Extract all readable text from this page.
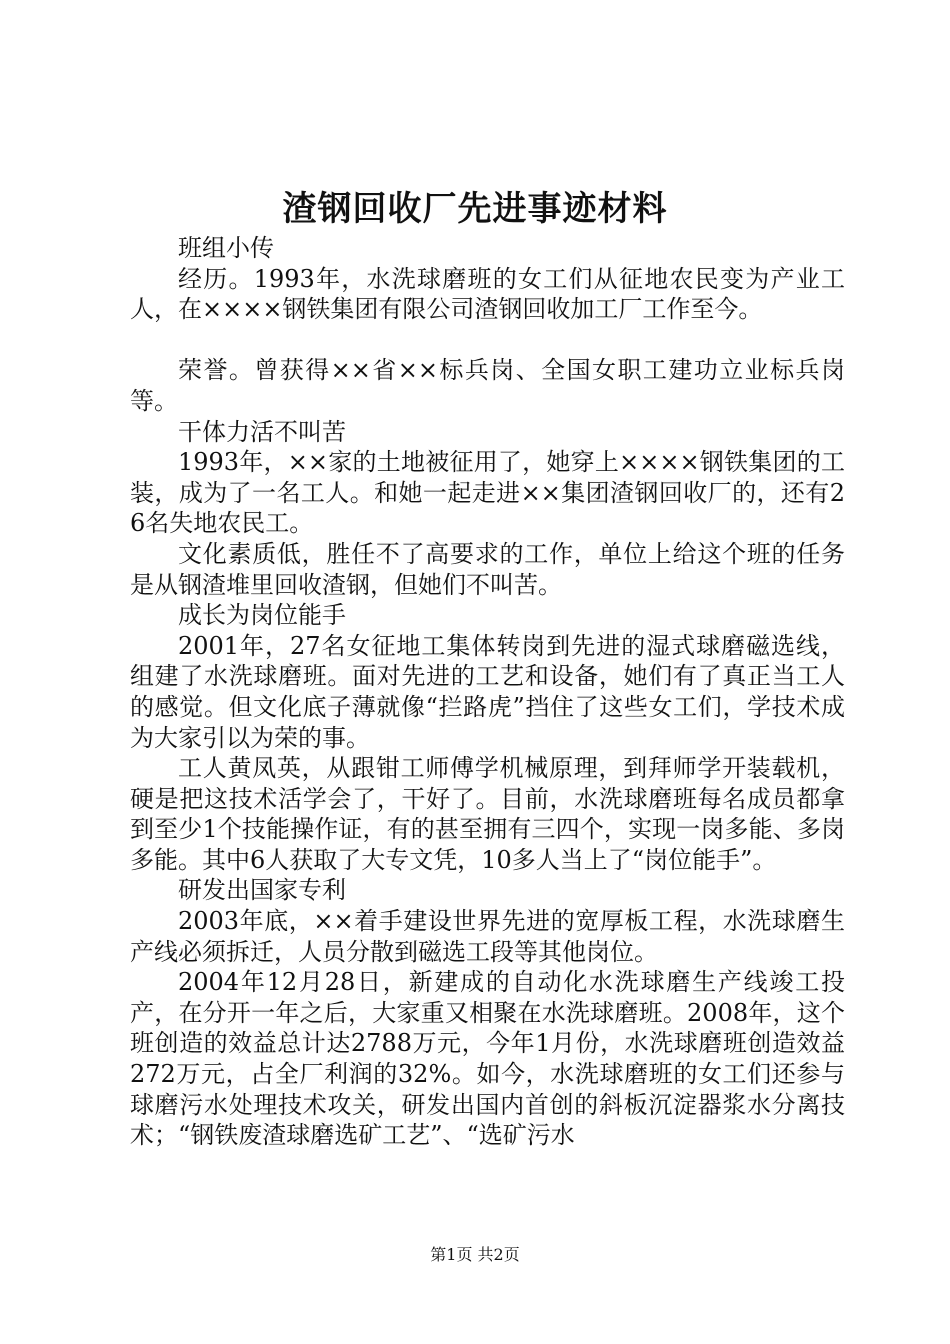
渣钢回收厂先进事迹材料

班组小传

经历。1993年，水洗球磨班的女工们从征地农民变为产业工人，在××××钢铁集团有限公司渣钢回收加工厂工作至今。

荣誉。曾获得××省××标兵岗、全国女职工建功立业标兵岗等。

干体力活不叫苦

1993年，××家的土地被征用了，她穿上××××钢铁集团的工装，成为了一名工人。和她一起走进××集团渣钢回收厂的，还有26名失地农民工。

文化素质低，胜任不了高要求的工作，单位上给这个班的任务是从钢渣堆里回收渣钢，但她们不叫苦。

成长为岗位能手

2001年，27名女征地工集体转岗到先进的湿式球磨磁选线，组建了水洗球磨班。面对先进的工艺和设备，她们有了真正当工人的感觉。但文化底子薄就像“拦路虎”挡住了这些女工们，学技术成为大家引以为荣的事。

工人黄凤英，从跟钳工师傅学机械原理，到拜师学开装载机，硬是把这技术活学会了，干好了。目前，水洗球磨班每名成员都拿到至少1个技能操作证，有的甚至拥有三四个，实现一岗多能、多岗多能。其中6人获取了大专文凭，10多人当上了“岗位能手”。

研发出国家专利

2003年底，××着手建设世界先进的宽厚板工程，水洗球磨生产线必须拆迁，人员分散到磁选工段等其他岗位。

2004年12月28日，新建成的自动化水洗球磨生产线竣工投产，在分开一年之后，大家重又相聚在水洗球磨班。2008年，这个班创造的效益总计达2788万元，今年1月份，水洗球磨班创造效益272万元，占全厂利润的32%。如今，水洗球磨班的女工们还参与球磨污水处理技术攻关，研发出国内首创的斜板沉淀器浆水分离技术；“钢铁废渣球磨选矿工艺”、“选矿污水

第1页 共2页
